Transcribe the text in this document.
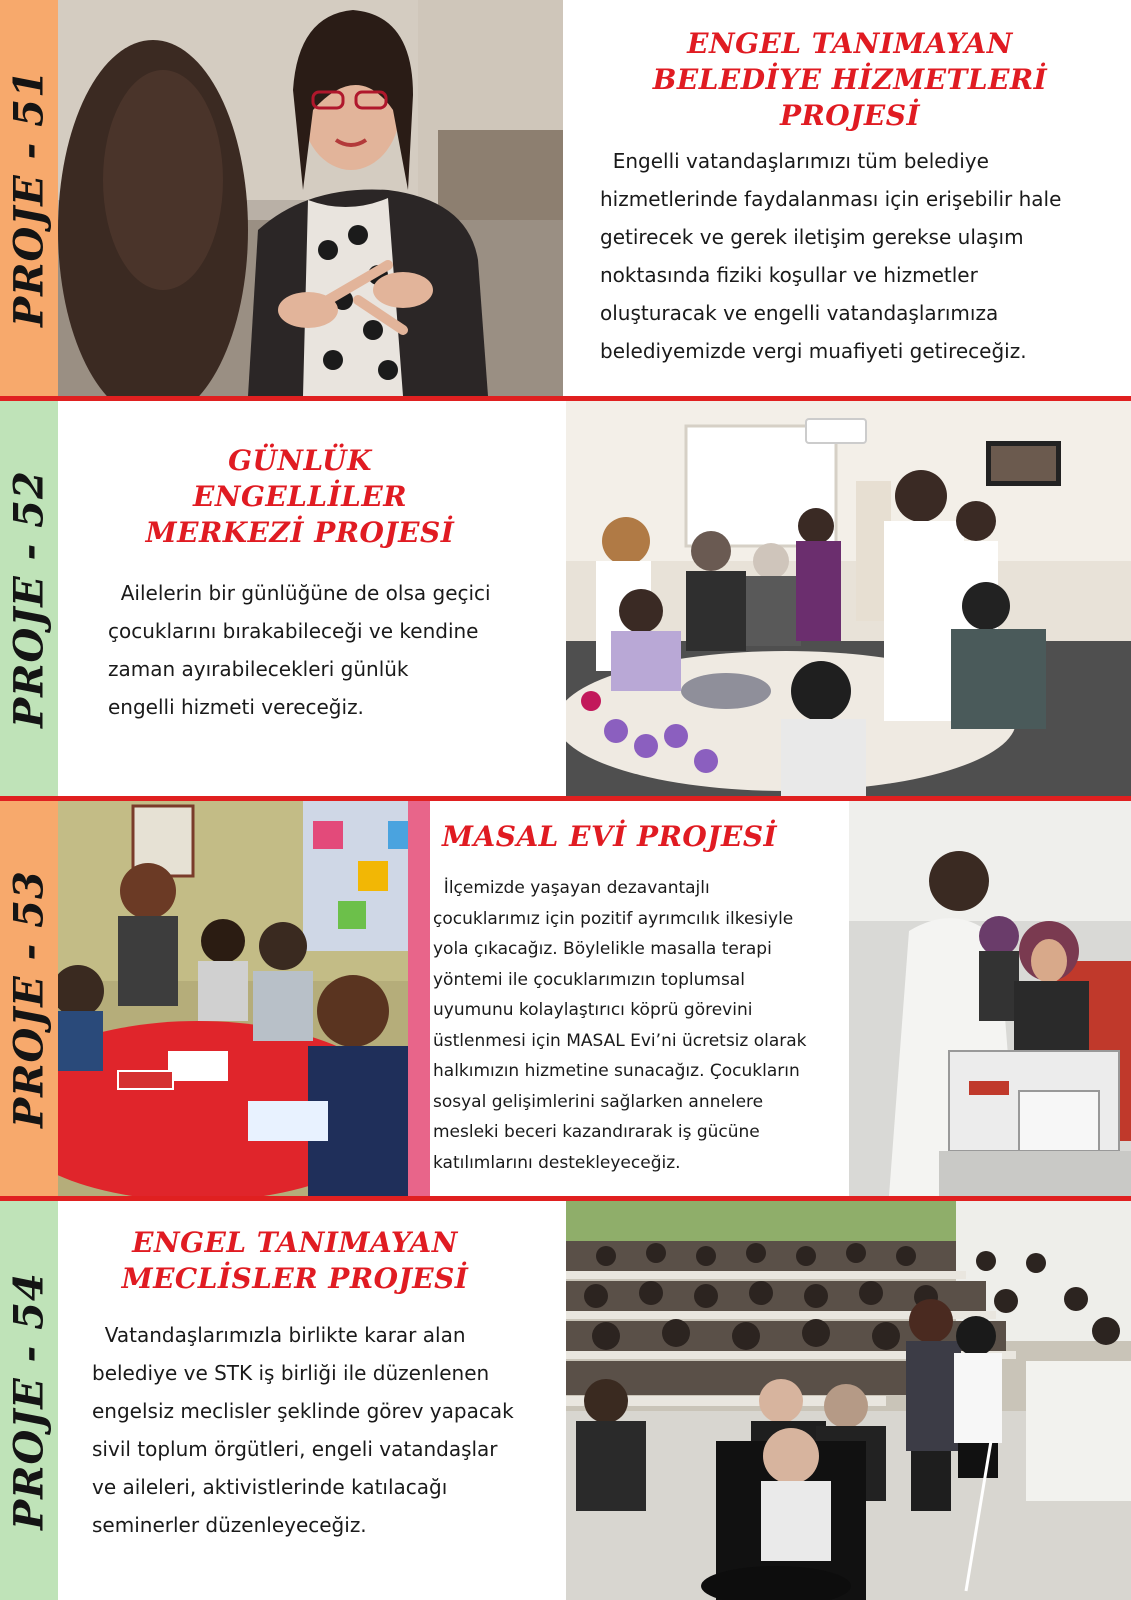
PROJE - 51
ENGEL TANIMAYAN
BELEDİYE HİZMETLERİ
PROJESİ
Engelli vatandaşlarımızı tüm belediye
hizmetlerinde faydalanması için erişebilir hale
getirecek ve gerek iletişim gerekse ulaşım
noktasında fiziki koşullar ve hizmetler
oluşturacak ve engelli vatandaşlarımıza
belediyemizde vergi muafiyeti getireceğiz.
PROJE - 52
GÜNLÜK
ENGELLİLER
MERKEZİ PROJESİ
Ailelerin bir günlüğüne de olsa geçici
çocuklarını bırakabileceği ve kendine
zaman ayırabilecekleri günlük
engelli hizmeti vereceğiz.
PROJE - 53
MASAL EVİ PROJESİ
İlçemizde yaşayan dezavantajlı
çocuklarımız için pozitif ayrımcılık ilkesiyle
yola çıkacağız. Böylelikle masalla terapi
yöntemi ile çocuklarımızın toplumsal
uyumunu kolaylaştırıcı köprü görevini
üstlenmesi için MASAL Evi’ni ücretsiz olarak
halkımızın hizmetine sunacağız. Çocukların
sosyal gelişimlerini sağlarken annelere
mesleki beceri kazandırarak iş gücüne
katılımlarını destekleyeceğiz.
PROJE - 54
ENGEL TANIMAYAN
MECLİSLER PROJESİ
Vatandaşlarımızla birlikte karar alan
belediye ve STK iş birliği ile düzenlenen
engelsiz meclisler şeklinde görev yapacak
sivil toplum örgütleri, engeli vatandaşlar
ve aileleri, aktivistlerinde katılacağı
seminerler düzenleyeceğiz.
